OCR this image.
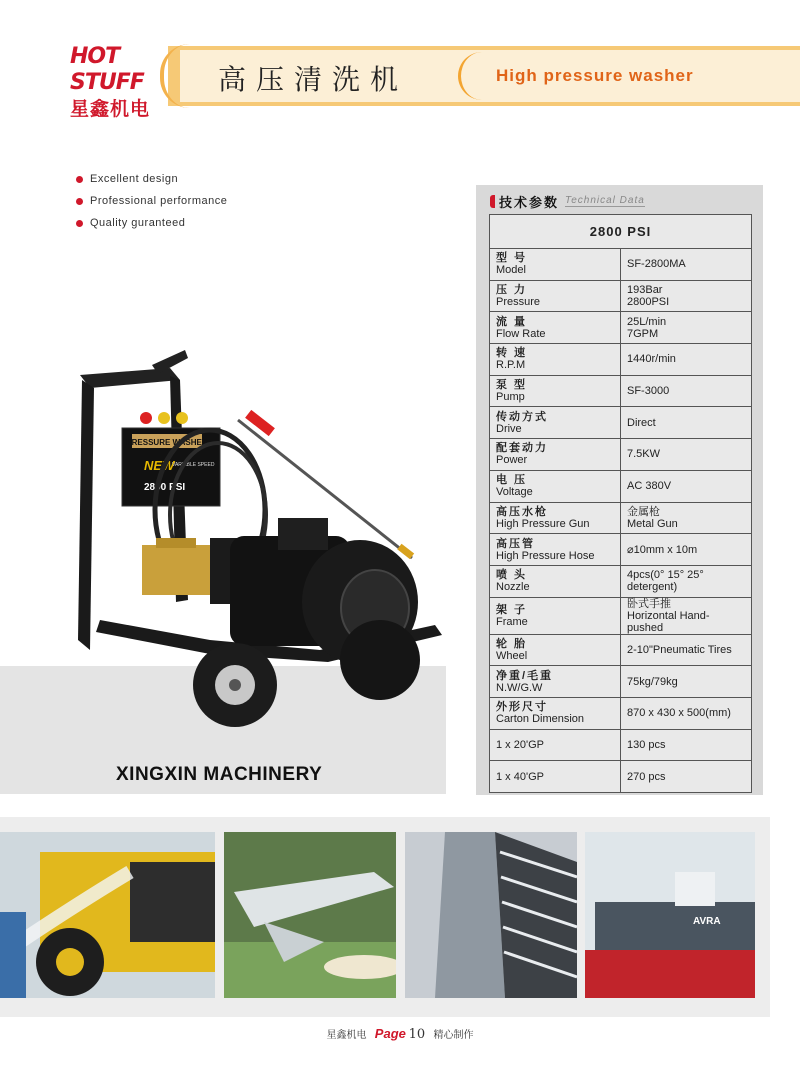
HOT STUFF
星鑫机电
高压清洗机	High pressure washer
Excellent design
Professional performance
Quality guranteed
PRESSURE WASHER
NEW
VARIABLE SPEED
2800 PSI
XINGXIN MACHINERY
技术参数 Technical Data
2800 PSI	

型 号
Model	SF-2800MA

压 力
Pressure	193Bar
2800PSI

流 量
Flow Rate	25L/min
7GPM

转 速
R.P.M	1440r/min

泵 型
Pump	SF-3000

传动方式
Drive	Direct

配套动力
Power	7.5KW

电 压
Voltage	AC 380V

高压水枪
High Pressure Gun	金属枪
Metal Gun

高压管
High Pressure Hose	⌀10mm x 10m

喷 头
Nozzle	4pcs(0° 15° 25°
detergent)

架 子
Frame	卧式手推
Horizontal Hand-pushed

轮 胎
Wheel	2-10"Pneumatic Tires

净重/毛重
N.W/G.W	75kg/79kg

外形尺寸
Carton Dimension	870 x 430 x 500(mm)

1 x 20'GP	130 pcs

1 x 40'GP	270 pcs
AVRA
星鑫机电 Page 10 精心制作
